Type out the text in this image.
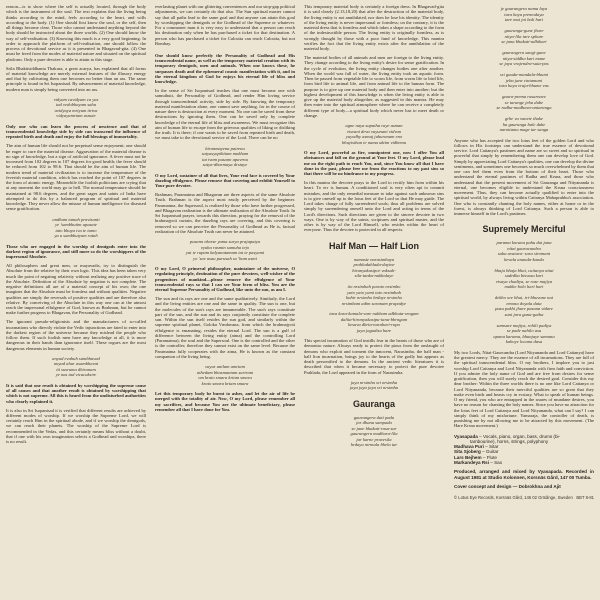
reason—is to show where the self is actually located, through the body which is the instrument of the soul. The text explains that the living being thinks according to the mind, feels according to the heart, and wills according to the body. (1) One should first know the soul, or the self, then all things become clear. Those who cannot understand anything beyond the body should be instructed about the three worlds. (2) One should know the way of self-realisation. (3) Knowing this much is a very good beginning. In order to approach the platform of self-realisation, one should follow the process of devotional service as it is presented in Bhagavad-gita. (4) One must be freed from the modes of material nature and situated on the spiritual platform. Only a pure devotee is able to attain to this stage.

Srila Bhaktisiddhanta Thakura, a great acarya, has explained that all forms of material knowledge are merely external features of the illusory energy and that by cultivating them one becomes no better than an ass. The same principle is found in Sri Isopanisad. By advancement of material knowledge, modern man is simply being converted into an ass.

vidyam cavidyam ca yas
tad vedobhayam saha
avidyaya mrtyum tirtva
vidyayamrtam asnute

Only one who can learn the process of nescience and that of transcendental knowledge side by side can transcend the influence of repeated birth and death and enjoy the full blessings of immortality.

The aim of human life should not be perpetual sense enjoyment; one should be eager to cure the material disease. Aggravation of the material disease is no sign of knowledge, but a sign of artificial ignorance. A fever must not be increased from 102 degrees to 107 degrees for good health; the fever should be reduced from 102 to 98.6. That should be the aim of human life. The modern trend of material civilization is to increase the temperature of the feverish material condition, which has reached the point of 107 degrees in the form of atomic energy. Meanwhile the foolish politicians are crying that at any moment the world may go to hell. The normal temperature should be maintained at 98.6 degrees, and the great sages and saints of India have attempted to do this by a balanced program of spiritual and material knowledge. They never allow the misuse of human intelligence for diseased sense gratification.

andham tamah pravisanti
ye 'sambhutim upasate
tato bhuya iva te tamo
ya u sambhutyam ratah

Those who are engaged in the worship of demigods enter into the darkest region of ignorance, and still more so do the worshippers of the impersonal Absolute.

All philosophers and great men, or mayavadis, try to distinguish the Absolute from the relative by their own logic. This idea has been taken very much the point of negating relativity without realizing any positive trace of the Absolute. Definition of the Absolute by negation is not complete. The negative definitions all are of a material concept of his own; the one imagines that the Absolute must be formless and without qualities. Negative qualities are simply the reversals of positive qualities and are therefore also relative. By conceiving of the Absolute in this way one can at the utmost reach the impersonal effulgence of God, known as Brahman, but he cannot make further progress to Bhagavan, the Personality of Godhead.

The ignorant pseudo-religionists and the manufacturers of so-called incarnations who directly violate the Vedic injunctions are fated to enter into the darkest region of the universe because they mislead the people who follow them. If such foolish men have any knowledge at all, it is more dangerous in their hands than ignorance itself. These rogues are the most dangerous elements in human society.

anyad evahuh sambhavad
anyad ahur asambhavat
iti susruma dhiranam
ye nas tad vicacaksire

It is said that one result is obtained by worshipping the supreme cause of all causes and that another result is obtained by worshipping that which is not supreme. All this is heard from the undisturbed authorities who clearly explained it.

It is also in Sri Isopanisad it is verified that different results are achieved by different modes of worship. If we worship the Supreme Lord, we will certainly reach Him in the spiritual abode, and if we worship the demigods, we can reach their planets. The worship of the Supreme Lord is recommended in the Vedas, and this certainly means bliss without a doubt, that if one with his own imagination selects a Godhead and worships, there is no result.

everlasting planet with our glittering conveniences and our stop-gap political adjustments, we can certainly do that also. The Sun spiritual master cannot say that all paths lead to the same goal and that anyone can attain this goal by worshipping the demigods or the Godhead of the Supreme or whatever. For a commoner man it is very easy to understand that a person can reach his destination only when he has purchased a ticket for that destination. A person who has purchased a ticket for Calcutta can reach Calcutta, but not Bombay.

One should know perfectly the Personality of Godhead and His transcendental name, as well as the temporary material creation with its temporary demigods, men and animals. When one knows these, he surpasses death and the ephemeral cosmic manifestation with it, and in the eternal kingdom of God he enjoys his eternal life of bliss and knowledge.

In the sense of Sri Isopanisad teaches that one must become one with samuihuti, the Personality of Godhead, and render Him loving service through transcendental activity, side by side. By knowing the temporary material manifestation alone, one cannot save anything, for in the course of nature there is destruction at every moment. No one can be saved from these destructions by ignoring them. One can be saved only by complete knowledge of the eternal life of bliss and awareness. We must recognize this aim of human life to escape from the grievous qualities of liking or disliking the truth. It is there; if one wants to be saved from repeated birth and death, we must take to the devotional service of the Lord. There can be no

hiranmayena patrena
satyasyapihitam mukham
tat tvam pusann apavrnu
satya-dharmaya drstaye

O my Lord, sustainer of all that lives, Your real face is covered by Your dazzling effulgence. Please remove that covering and exhibit Yourself to Your pure devotee.

Brahman, Paramatma and Bhagavan are three aspects of the same Absolute Truth. Brahman is the aspect most easily perceived by the beginner. Paramatma, the Supersoul, is realized by those who have further progressed, and Bhagavan realization is the ultimate realization of the Absolute Truth. In Sri Isopanisad prayer, towards this direction, praying for the removal of the brahmajyoti curtain, the dazzling rays are covering, and this covering is removed so we can perceive the Personality of Godhead as He is, factual realization of the Absolute Truth can never be attained.

pusann ekarse yama surya prajapatya
vyuha rasmin samuha tejo
yat te rupam kalyanatamam tat te pasyami
yo 'sav asau purusah so 'ham asmi

O my Lord, O primeval philosopher, maintainer of the universe, O regulating principle, destination of the pure devotees, well-wisher of the progenitors of mankind—please remove the effulgence of Your transcendental rays so that I can see Your form of bliss. You are the eternal Supreme Personality of Godhead, like unto the sun, as am I.

The sun and its rays are one and the same qualitatively. Similarly, the Lord and the living entities are one and the same in quality. The sun is one, but the molecules of the sun's rays are innumerable. The sun's rays constitute part of the sun, and the sun and its rays conjointly constitute the complete sun. Within the sun itself resides the sun god, and similarly within the supreme spiritual planet, Goloka Vrndavana, from which the brahmajyoti effulgence is emanating, resides the eternal Lord. The sun is a gulf of difference between the living entity (atma) and the controlling Lord (Paramatma); the soul and the Supersoul. One is the controlled and the other is the controller; therefore they cannot exist on the same level. Because the Paramatma fully cooperates with the atma, He is known as the constant companion of the living being.

vayur anilam amrtam
athedam bhasmantam sariram
om krato smara krtam smara
krato smara krtam smara

Let this temporary body be burnt to ashes, and let the air of life be merged with the totality of air. Now, O my Lord, please remember all my sacrifices, and because You are the ultimate beneficiary, please remember all that I have done for You.

This temporary material body is certainly a foreign dress. In Bhagavad-gita it is said clearly (2.13,18,20) that after the destruction of the material body, the living entity is not annihilated, nor does he lose his identity. The identity of the living entity is never impersonal or formless; on the contrary, it is the material dress that is formless and which takes a shape according to the form of the indestructible person. The living entity is originally formless, as is wrongly thought by those with a poor fund of knowledge. This mantra verifies the fact that the living entity exists after the annihilation of the material body.

The material bodies of all animals and men are foreign to the living entity. They change according to the living entity's desire for sense gratification. In the cycle of evolution, the living entity changes bodies one after another. When the world was full of water, the living entity took an aquatic form. Then he passed from vegetable life to worm life, from worm life to bird life, from bird life to animal life, and from animal life to the human form. The purpose is to give up one material body and then enter into another; but the highest development of this knowledge is when the living entity is able to give up the material body altogether, as suggested in this mantra. He may then enter into the spiritual atmosphere where he can receive a completely different type of body—a spiritual body which never has to meet death or change.

agne naya supatha raye asman
visvani deva vayunani vidvan
yuyodhy asmaj juhuranam eno
bhuyisthan te nama uktim vidhema

O my Lord, powerful as fire, omnipotent one, now I offer You all obeisances and fall on the ground at Your feet. O my Lord, please lead me on the right path to reach You, and, since You know all that I have done in the past, please free me from the reactions to my past sins so that there will be no hindrance to my progress.

In this mantra the devotee prays to the Lord to rectify him from within his heart. To err is human. A conditioned soul is very often apt to commit mistakes, and the only remedial measure to take against such unknown sins is to give oneself up to the lotus feet of the Lord so that He may guide. The Lord takes charge of fully surrendered souls; thus all problems are solved simply by surrendering oneself unto the Lord and acting in terms of the Lord's directions. Such directions are given to the sincere devotee in two ways. One is by way of the saints, scriptures and spiritual master, and the other is by way of the Lord Himself, who resides within the heart of everyone. Thus the devotee is protected in all respects.

Half Man — Half Lion
namaste narasimhaya
prahladahlada-dayine
hiranyakasipor vaksah-
sila-tanka-nakhalaye

ito nrsimhah parato nrsimho
yato yato yami tato nrsimhah
bahir nrsimho hrdaye nrsimho
nrsimham adim saranam prapadye
tava kara-kamala-vare nakham adbhuta-srngam
dalita-hiranyakasipu-tanu-bhrngam
kesava dhrta-narahari-rupa
jaya jagadisa hare

This special incarnation of God instills fear in the hearts of those who are of demoniac nature. Always ready to protect the pious from the onslaught of demons who exploit and torment the innocent, Narasimha, the half man - half lion incarnation, brings joy to the hearts of the godly but appears as death personified to the demons. In the ancient vedic literatures it is described that when it became necessary to protect the pure devotee Prahlada, the Lord appeared in the form of Narasimha.

jaya nrsimha sri nrsimha
jaya jaya jaya sri nrsimha
Gauranga
gaurangera duti pada
jar dhana sampada
se jane bhakati-rasa-sar
gaurangera madhura-lila
jar karne pravesila
hrdaya nirmala bhela tar
je gaurangera nama laya
tara haya premodaya
tare mui jai bali hari

gauranga-gune jhure
nitya-lila tare sphure
se jana bhakati-adhikari

gaurangera sangi-gane
nitya-siddha kari mane
se jaya vrajendra-suta-pas

sri gauda-mandala-bhumi
jeba jane cintamani
tara haya vraja-bhume vas

gaura-prema rasarnave
se tarange jeba dube
se radha-madhava-antaranga

grhe va vanete thake
ha gauranga bale dake
narottama mage tar sanga

Anyone who has accepted the two lotus feet of the golden Lord and who follows in His footsteps can understand the true essence of devotional service. Lord Caitanya's pastimes and name are so sweet and so spiritual in powerful that simply by remembering them one can develop love of God. Simply by appreciating Lord Caitanya's qualities, one can develop the divine sentiments, and sometimes one becomes so much overwhelmed by them that one can feel them even from the bottom of their heart. Those who understand the eternal pastimes of Radha and Krsna, and those who understand that the present movement of Sri Gauranga and Nityananda is eternal, one becomes eligible to understand the Krsna consciousness movement. Thus, they can become actually qualified to enter into the spiritual world, by always living within Caitanya Mahaprabhu's association. One who is constantly chanting the holy names, either at home or in the forest, is always thinking of Lord Caitanya. Such a person is able to immerse himself in the Lord's pastimes.

Supremely Merciful
parama koruna pahu dui jana
nitai gauracandra
saba avatara- sara siromani
kevala ananda-kanda

bhaja bhaja bhai, caitanya nitai
sudrdha bisvasa kori
visaya chadiya, se rase majiya
mukhe bolo hari hari

dekho ore bhai, tri-bhuvane nai
emona doyala data
pasu pakhi jhure pasana vidare
suni jara guna-gatha

samsare majiya, rohili padiya
se pade nahilo asa
apana karama, bhunjaye samana
kahoye locana dasa

My two Lords, Nitai-Gaurcandra (Lord Nityananda and Lord Caitanya) have the greatest mercy. They are the essence of all incarnations. They are full of the spiritual transcendental bliss. O my brothers, I implore you to just worship Lord Caitanya and Lord Nityananda with firm faith and conviction. If you admire the holy name of God and are free from desires for sense gratification, then you will surely reach the desired goal. Consider this my dear brother: Within the three worlds there is no one like Lord Caitanya or Lord Nityananda, because their merciful qualities are so great that they make even birds and beasts cry in ecstasy. What to speak of human beings. O my friend, you who are entrapped in the snares of mundane desires, you have no reason for chanting the holy names. Since you have no attraction for the lotus feet of Lord Caitanya and Lord Nityananda, what can I say? I can simply think of my misfortune. Yamaraja, the controller of death, is punishing me by not allowing me to be attracted by this movement. (The Hare Krsna movement.)

Vyasapada – Vocals, piano, organ, bass, drums (bi-

tambourine), horns, strings, polyphony

Madhava Puri – Sitar

Sita Sjoberg – Guitar

Lars Bejhem – Flute

Markandeya Rsi – Sax

Produced, arranged and mixed by Vyasapada. Recorded in August 1981 at Studio Kolonnen, Korsnäs Gård, 147 00 Tumba.

Cover concept and design — Dobrokhna and Ajit

© Lotus Eye Records, Korsnäs Gård, 146 02 Grödinge, Sweden BBT 8-81
